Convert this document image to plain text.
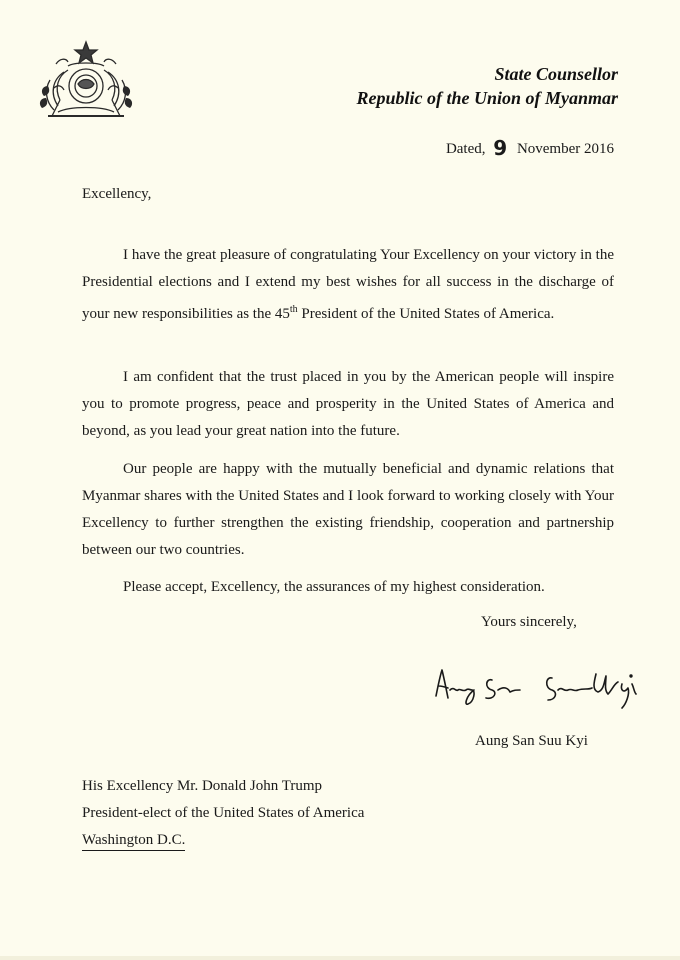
State Counsellor
Republic of the Union of Myanmar
Dated, 9 November 2016
Excellency,

I have the great pleasure of congratulating Your Excellency on your victory in the Presidential elections and I extend my best wishes for all success in the discharge of your new responsibilities as the 45th President of the United States of America.

I am confident that the trust placed in you by the American people will inspire you to promote progress, peace and prosperity in the United States of America and beyond, as you lead your great nation into the future.

Our people are happy with the mutually beneficial and dynamic relations that Myanmar shares with the United States and I look forward to working closely with Your Excellency to further strengthen the existing friendship, cooperation and partnership between our two countries.

Please accept, Excellency, the assurances of my highest consideration.

Yours sincerely,
Aung San Suu Kyi
His Excellency Mr. Donald John Trump
President-elect of the United States of America
Washington D.C.
